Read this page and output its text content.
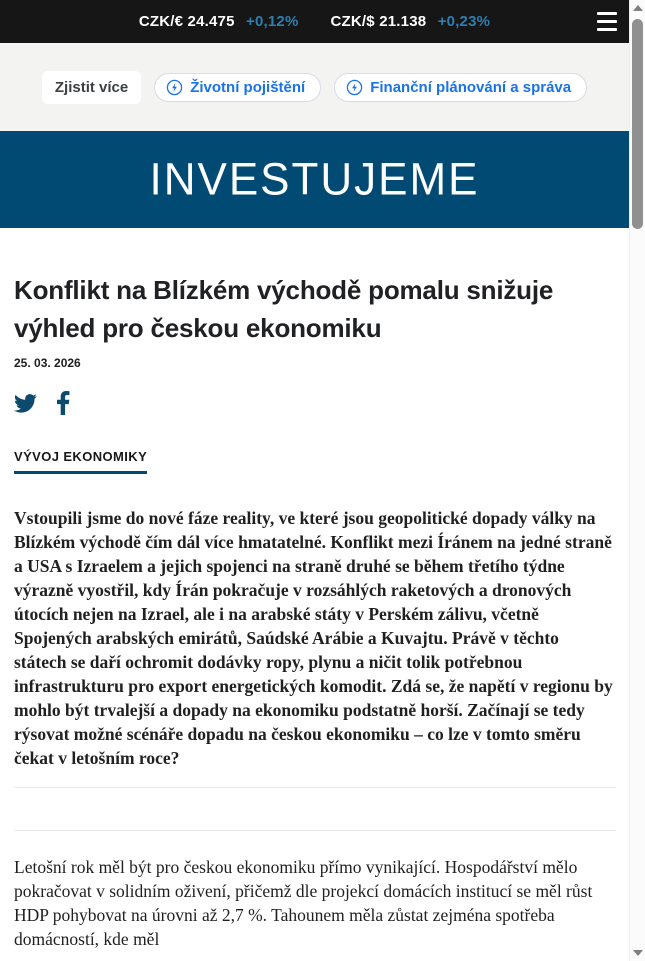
CZK/€ 24.475 +0,12% CZK/$ 21.138 +0,23%
Zjistit více	Životní pojištění	Finanční plánování a správa
INVESTUJEME
Konflikt na Blízkém východě pomalu snižuje výhled pro českou ekonomiku
25. 03. 2026
VÝVOJ EKONOMIKY

Vstoupili jsme do nové fáze reality, ve které jsou geopolitické dopady války na Blízkém východě čím dál více hmatatelné. Konflikt mezi Íránem na jedné straně a USA s Izraelem a jejich spojenci na straně druhé se během třetího týdne výrazně vyostřil, kdy Írán pokračuje v rozsáhlých raketových a dronových útocích nejen na Izrael, ale i na arabské státy v Perském zálivu, včetně Spojených arabských emirátů, Saúdské Arábie a Kuvajtu. Právě v těchto státech se daří ochromit dodávky ropy, plynu a ničit tolik potřebnou infrastrukturu pro export energetických komodit. Zdá se, že napětí v regionu by mohlo být trvalejší a dopady na ekonomiku podstatně horší. Začínají se tedy rýsovat možné scénáře dopadu na českou ekonomiku – co lze v tomto směru čekat v letošním roce?

Letošní rok měl být pro českou ekonomiku přímo vynikající. Hospodářství mělo pokračovat v solidním oživení, přičemž dle projekcí domácích institucí se měl růst HDP pohybovat na úrovni až 2,7 %. Tahounem měla zůstat zejména spotřeba domácností, kde měl
